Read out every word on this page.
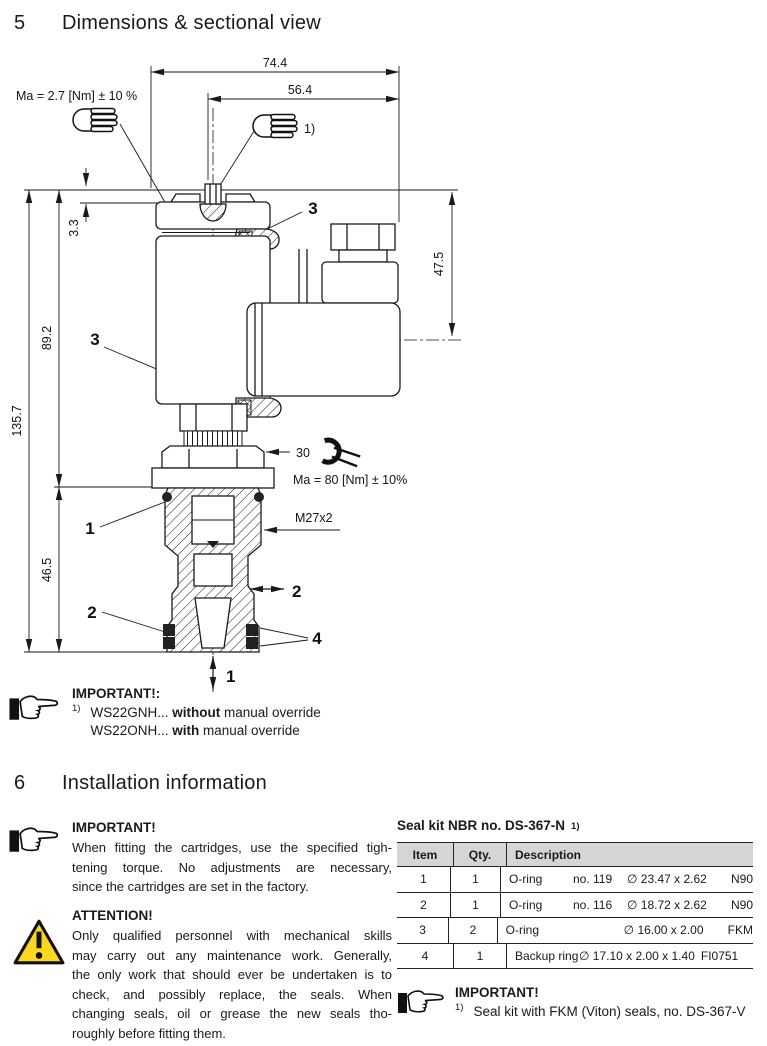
5	Dimensions & sectional view
74.4
56.4
Ma = 2.7 [Nm] ± 10 %
3.3
135.7
89.2
46.5
47.5
30
Ma = 80 [Nm] ± 10%
M27x2
1)
3
3
1
2
4
2
1
IMPORTANT!:
1) WS22GNH... without manual override
WS22ONH... with manual override
6	Installation information
IMPORTANT!
When fitting the cartridges, use the specified tigh-
tening torque. No adjustments are necessary,
since the cartridges are set in the factory.
ATTENTION!
Only qualified personnel with mechanical skills
may carry out any maintenance work. Generally,
the only work that should ever be undertaken is to
check, and possibly replace, the seals. When
changing seals, oil or grease the new seals tho-
roughly before fitting them.
Seal kit NBR no. DS-367-N 1)
Item	Qty.	Description
1	1	O-ring	no. 119	∅ 23.47 x 2.62	N90
2	1	O-ring	no. 116	∅ 18.72 x 2.62	N90
3	2	O-ring	∅ 16.00 x 2.00	FKM
4	1	Backup ring ∅ 17.10 x 2.00 x 1.40 FI0751
IMPORTANT!
1) Seal kit with FKM (Viton) seals, no. DS-367-V
